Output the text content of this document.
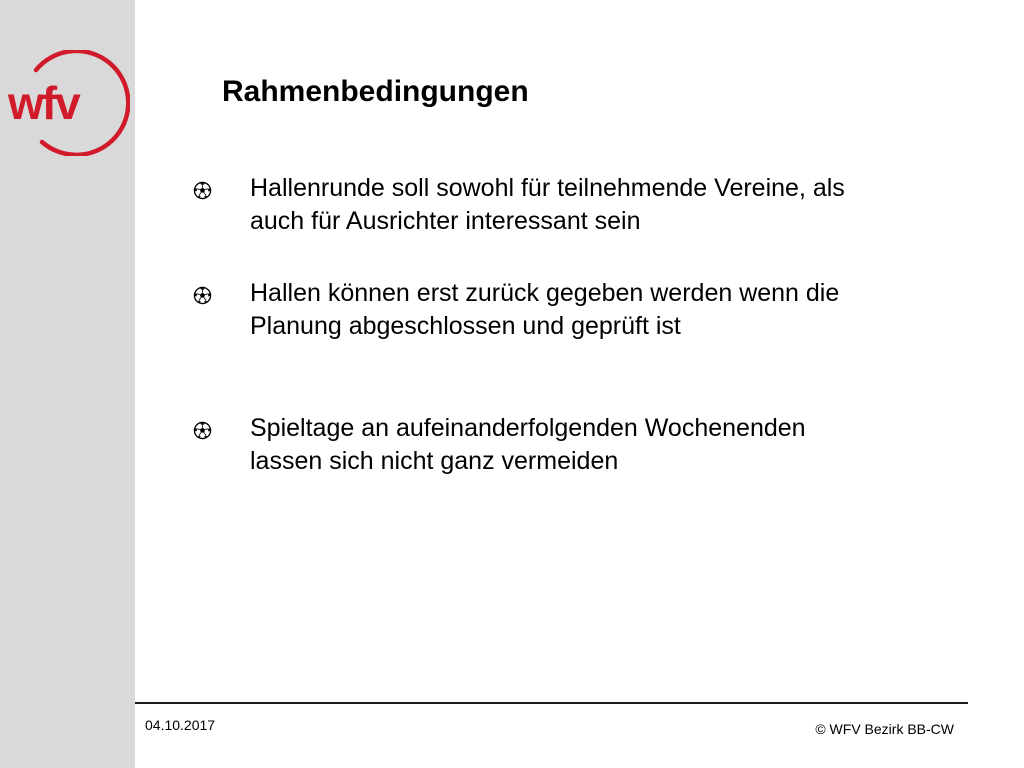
wfv	Rahmenbedingungen

Hallenrunde soll sowohl für teilnehmende Vereine, als
auch für Ausrichter interessant sein

Hallen können erst zurück gegeben werden wenn die
Planung abgeschlossen und geprüft ist

Spieltage an aufeinanderfolgenden Wochenenden
lassen sich nicht ganz vermeiden

04.10.2017	© WFV Bezirk BB-CW
